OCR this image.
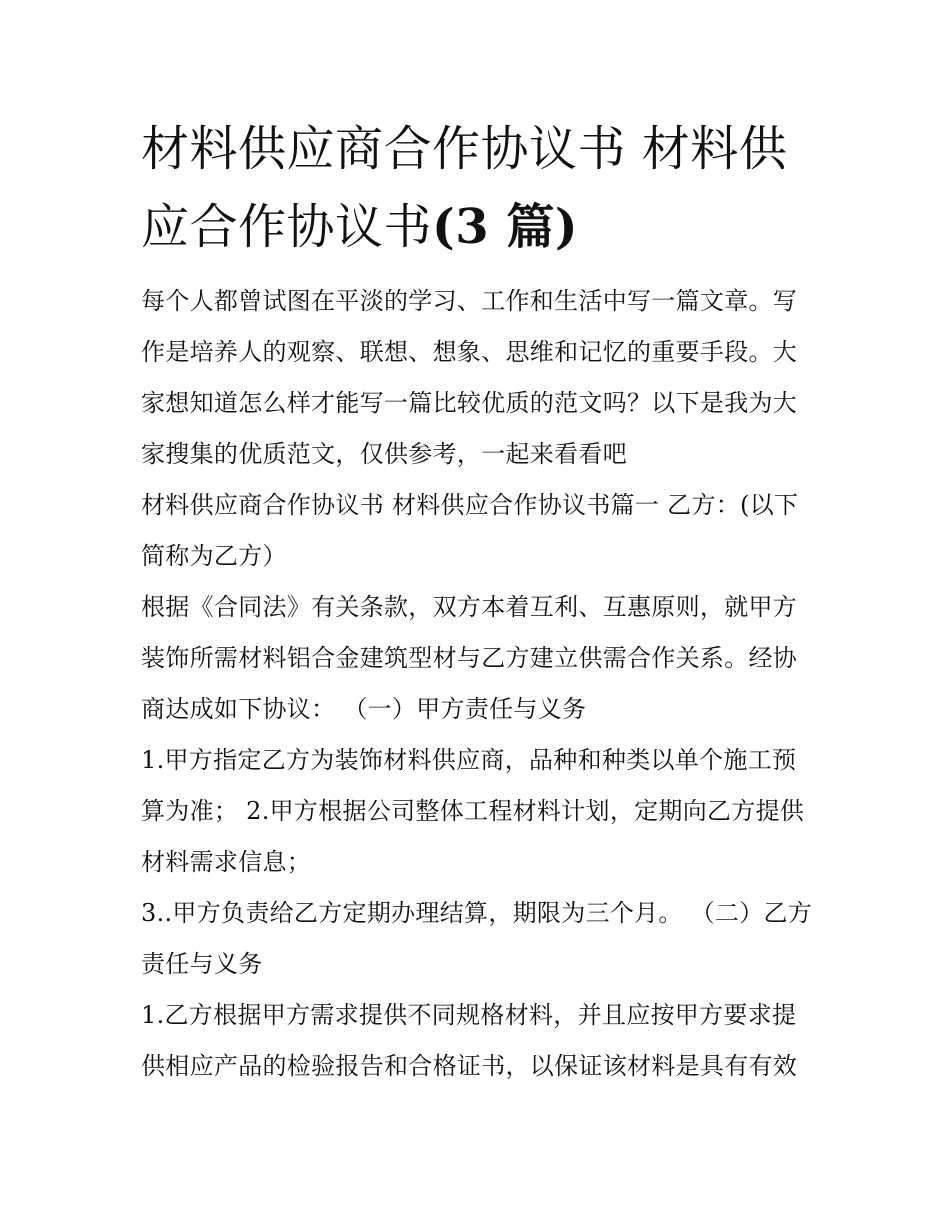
材料供应商合作协议书 材料供应合作协议书(3 篇)

每个人都曾试图在平淡的学习、工作和生活中写一篇文章。写作是培养人的观察、联想、想象、思维和记忆的重要手段。大家想知道怎么样才能写一篇比较优质的范文吗？以下是我为大家搜集的优质范文，仅供参考，一起来看看吧

材料供应商合作协议书 材料供应合作协议书篇一 乙方：(以下简称为乙方）

根据《合同法》有关条款，双方本着互利、互惠原则，就甲方装饰所需材料铝合金建筑型材与乙方建立供需合作关系。经协商达成如下协议： （一）甲方责任与义务

1.甲方指定乙方为装饰材料供应商，品种和种类以单个施工预算为准； 2.甲方根据公司整体工程材料计划，定期向乙方提供材料需求信息；

3..甲方负责给乙方定期办理结算，期限为三个月。 （二）乙方责任与义务

1.乙方根据甲方需求提供不同规格材料，并且应按甲方要求提供相应产品的检验报告和合格证书，以保证该材料是具有有效
